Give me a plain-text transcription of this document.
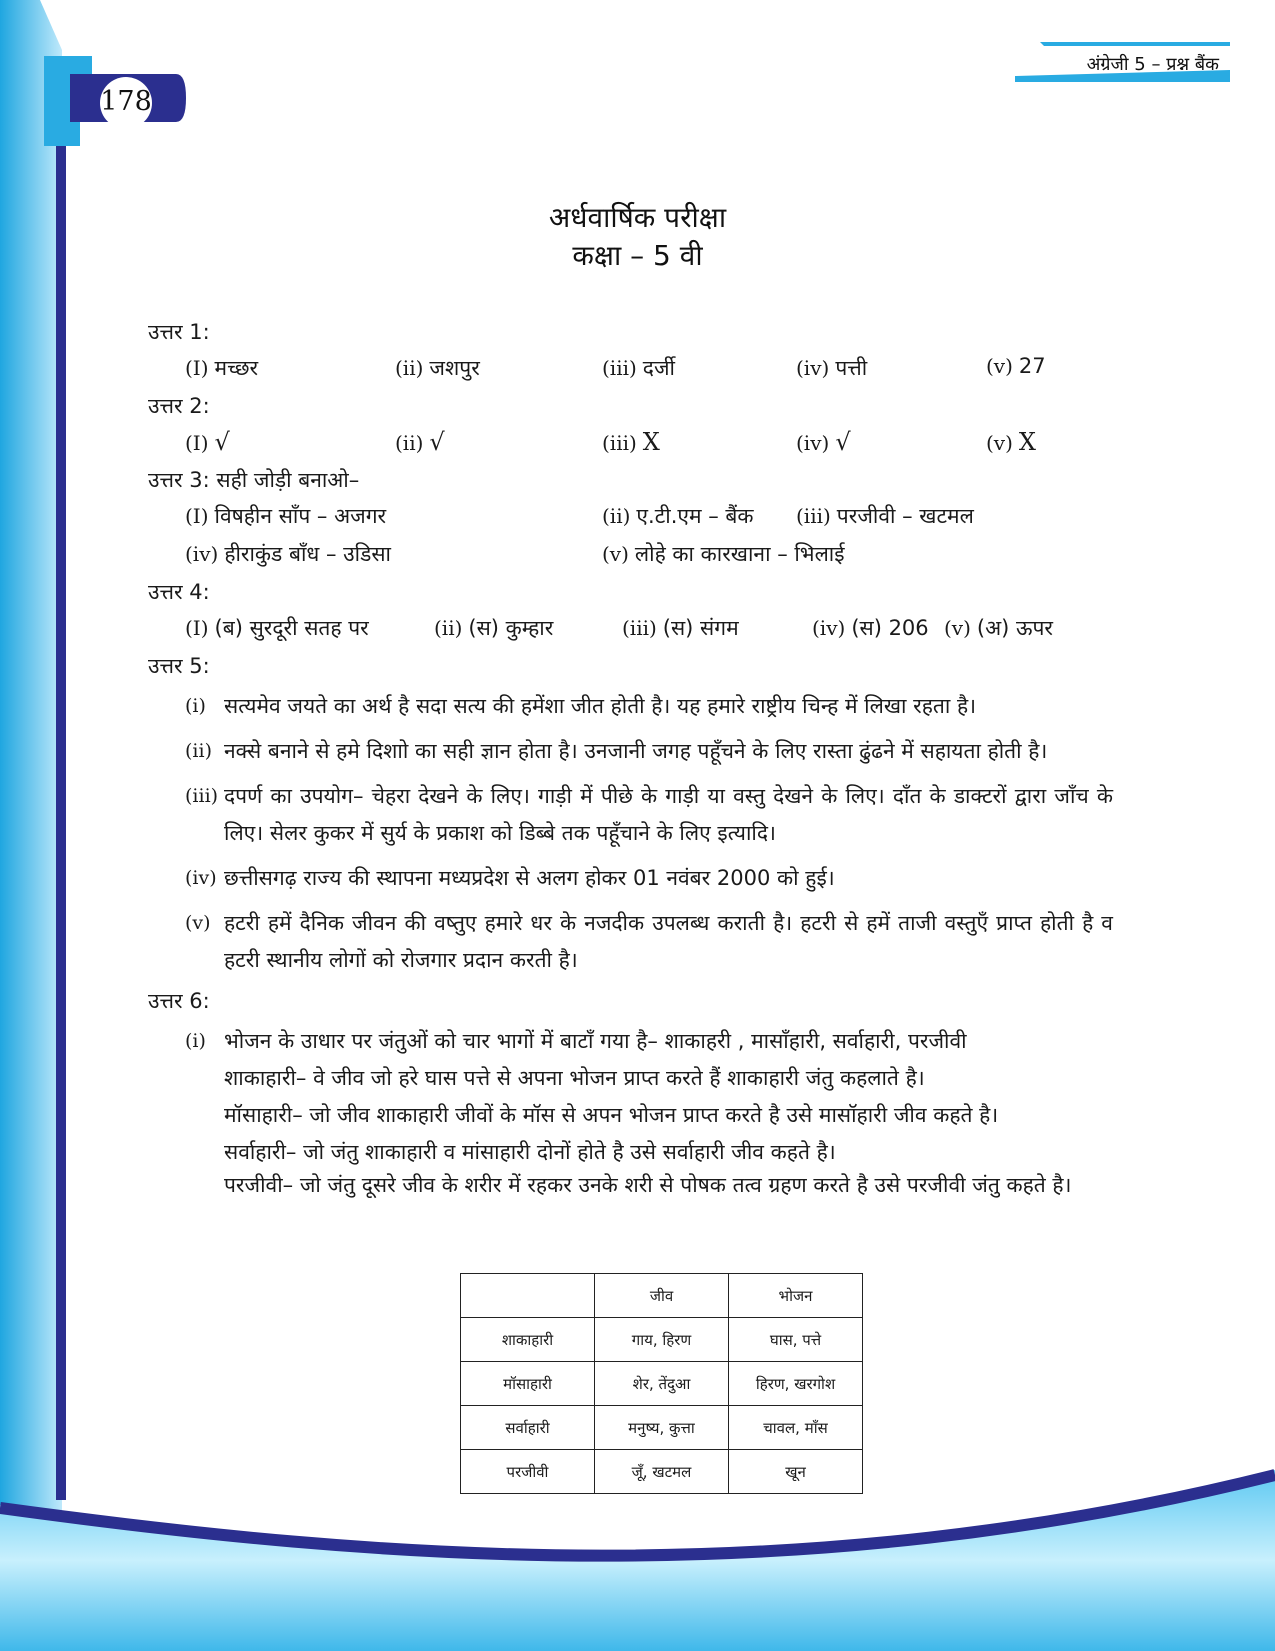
178
अंग्रेजी 5 – प्रश्न बैंक
अर्धवार्षिक परीक्षा
कक्षा – 5 वी
उत्तर 1:
(I) मच्छर	(ii) जशपुर	(iii) दर्जी	(iv) पत्ती	(v) 27
उत्तर 2:
(I) √	(ii) √	(iii) X	(iv) √	(v) X
उत्तर 3: सही जोड़ी बनाओ–
(I) विषहीन साँप – अजगर	(ii) ए.टी.एम – बैंक	(iii) परजीवी – खटमल
(iv) हीराकुंड बाँध – उडिसा	(v) लोहे का कारखाना – भिलाई
उत्तर 4:
(I) (ब) सुरदूरी सतह पर	(ii) (स) कुम्हार	(iii) (स) संगम	(iv) (स) 206 (v) (अ) ऊपर
उत्तर 5:
(i) सत्यमेव जयते का अर्थ है सदा सत्य की हमेंशा जीत होती है। यह हमारे राष्ट्रीय चिन्ह में लिखा रहता है।
(ii) नक्से बनाने से हमे दिशाो का सही ज्ञान होता है। उनजानी जगह पहूँचने के लिए रास्ता ढुंढने में सहायता होती है।
(iii) दपर्ण का उपयोग– चेहरा देखने के लिए। गाड़ी में पीछे के गाड़ी या वस्तु देखने के लिए। दाँत के डाक्टरों द्वारा जाँच के लिए। सेलर कुकर में सुर्य के प्रकाश को डिब्बे तक पहूँचाने के लिए इत्यादि।
(iv) छत्तीसगढ़ राज्य की स्थापना मध्यप्रदेश से अलग होकर 01 नवंबर 2000 को हुई।
(v) हटरी हमें दैनिक जीवन की वष्तुए हमारे धर के नजदीक उपलब्ध कराती है। हटरी से हमें ताजी वस्तुएँ प्राप्त होती है व हटरी स्थानीय लोगों को रोजगार प्रदान करती है।
उत्तर 6:
(i) भोजन के उाधार पर जंतुओं को चार भागों में बाटाँ गया है– शाकाहरी , मासाँहारी, सर्वाहारी, परजीवी
शाकाहारी– वे जीव जो हरे घास पत्ते से अपना भोजन प्राप्त करते हैं शाकाहारी जंतु कहलाते है।
मॉसाहारी– जो जीव शाकाहारी जीवों के मॉस से अपन भोजन प्राप्त करते है उसे मासॉहारी जीव कहते है।
सर्वाहारी– जो जंतु शाकाहारी व मांसाहारी दोनों होते है उसे सर्वाहारी जीव कहते है।
परजीवी– जो जंतु दूसरे जीव के शरीर में रहकर उनके शरी से पोषक तत्व ग्रहण करते है उसे परजीवी जंतु कहते है।
	जीव	भोजन
शाकाहारी	गाय, हिरण	घास, पत्ते
मॉसाहारी	शेर, तेंदुआ	हिरण, खरगोश
सर्वाहारी	मनुष्य, कुत्ता	चावल, माँस
परजीवी	जूँ, खटमल	खून
